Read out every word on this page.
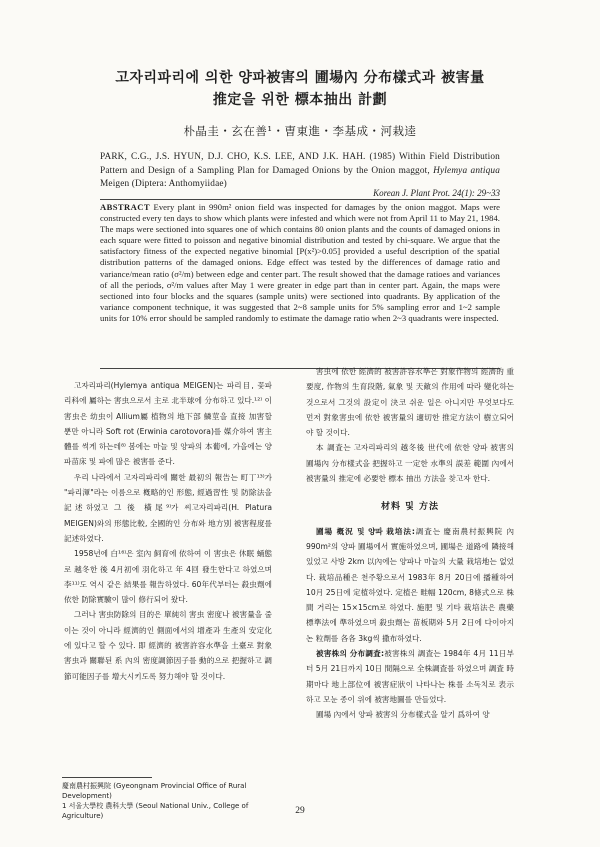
고자리파리에 의한 양파被害의 圃場內 分布樣式과 被害量
推定을 위한 標本抽出 計劃
朴晶圭・玄在善¹・曺東進・李基成・河栽逵
PARK, C.G., J.S. HYUN, D.J. CHO, K.S. LEE, AND J.K. HAH. (1985) Within Field Distribution Pattern and Design of a Sampling Plan for Damaged Onions by the Onion maggot, Hylemya antiqua Meigen (Diptera: Anthomyiidae)
Korean J. Plant Prot. 24(1): 29~33
ABSTRACT Every plant in 990m² onion field was inspected for damages by the onion maggot. Maps were constructed every ten days to show which plants were infested and which were not from April 11 to May 21, 1984. The maps were sectioned into squares one of which contains 80 onion plants and the counts of damaged onions in each square were fitted to poisson and negative binomial distribution and tested by chi-square. We argue that the satisfactory fitness of the expected negative binomial [P(x²)>0.05] provided a useful description of the spatial distribution patterns of the damaged onions. Edge effect was tested by the differences of damage ratio and variance/mean ratio (σ²/m) between edge and center part. The result showed that the damage ratioes and variances of all the periods, σ²/m values after May 1 were greater in edge part than in center part. Again, the maps were sectioned into four blocks and the squares (sample units) were sectioned into quadrants. By application of the variance component technique, it was suggested that 2~8 sample units for 5% sampling error and 1~2 sample units for 10% error should be sampled randomly to estimate the damage ratio when 2~3 quadrants were inspected.

고자리파리(Hylemya antiqua MEIGEN)는 파리目, 꽃파리科에 屬하는 害虫으로서 主로 北半球에 分布하고 있다.¹²⁾ 이 害虫은 幼虫이 Allium屬 植物의 地下部 鱗莖을 直接 加害할 뿐만 아니라 Soft rot (Erwinia carotovora)를 媒介하여 害主體를 썩게 하는데⁸⁾ 봄에는 마늘 및 양파의 本葡에, 가을에는 양파苗床 및 파에 많은 被害를 준다.

우리 나라에서 고자리파리에 關한 最初의 報告는 町丁¹³⁾가 "파리渾"라는 이름으로 槪略的인 形態, 經過習性 및 防除法을 記述하였고 그 後 橫尾⁹⁾가 씨고자리파리(H. Platura MEIGEN)와의 形態比較, 全國的인 分布와 地方別 被害程度를 記述하였다.

1958년에 白¹⁶⁾은 室內 飼育에 依하여 이 害虫은 休眠 蛹態로 越冬한 後 4月初에 羽化하고 年 4回 發生한다고 하였으며 李¹¹⁾도 역시 같은 結果를 報告하였다. 60年代부터는 殺虫劑에 依한 防除實驗이 많이 修行되어 왔다.

그러나 害虫防除의 目的은 單純히 害虫 密度나 被害量을 줄이는 것이 아니라 經濟的인 側面에서의 增產과 生產의 安定化에 있다고 할 수 있다. 即 經濟的 被害許容水準을 土臺로 對象害虫과 關聯된 系 內의 密度調節因子를 動的으로 把握하고 調節可能因子를 增大시키도록 努力해야 할 것이다.

害虫에 依한 經濟的 被害許容水準은 對象作物의 經濟的 重要度, 作物의 生育段階, 氣象 및 天敵의 作用에 따라 變化하는 것으로서 그것의 設定이 決코 쉬운 일은 아니지만 무엇보다도 먼저 對象害虫에 依한 被害量의 適切한 推定方法이 樹立되어야 할 것이다.

本 調査는 고자리파리의 越冬後 世代에 依한 양파 被害의 圃場內 分布樣式을 把握하고 一定한 水準의 誤差 範圍 內에서 被害量의 推定에 必要한 標本 抽出 方法을 찾고자 한다.

材料 및 方法

圃場 槪況 및 양파 栽培法:調査는 慶南農村振興院 內 990m²의 양파 圃場에서 實施하였으며, 圃場은 道路에 隣接해 있었고 사방 2km 以內에는 양파나 마늘의 大量 栽培地는 없었다. 栽培品種은 천주황으로서 1983年 8月 20日에 播種하여 10月 25日에 定植하였다. 定植은 畦幅 120cm, 8條式으로 株間 거리는 15×15cm로 하였다. 施肥 및 기타 栽培法은 農藥 標準法에 準하였으며 殺虫劑는 苗板期와 5月 2日에 다이아지논 粒劑를 各各 3kg씩 撒布하였다.

被害株의 分布調査:被害株의 調査는 1984年 4月 11日부터 5月 21日까지 10日 間隔으로 全株調査를 하였으며 調査 時期마다 地上部位에 被害症狀이 나타나는 株를 소독치로 表示하고 모눈 종이 위에 被害地圖를 만들었다.

圃場 內에서 양파 被害의 分布樣式을 알기 爲하여 양

慶南農村振興院 (Gyeongnam Provincial Office of Rural Development)
1 서울大學校 農科大學 (Seoul National Univ., College of Agriculture)	29
